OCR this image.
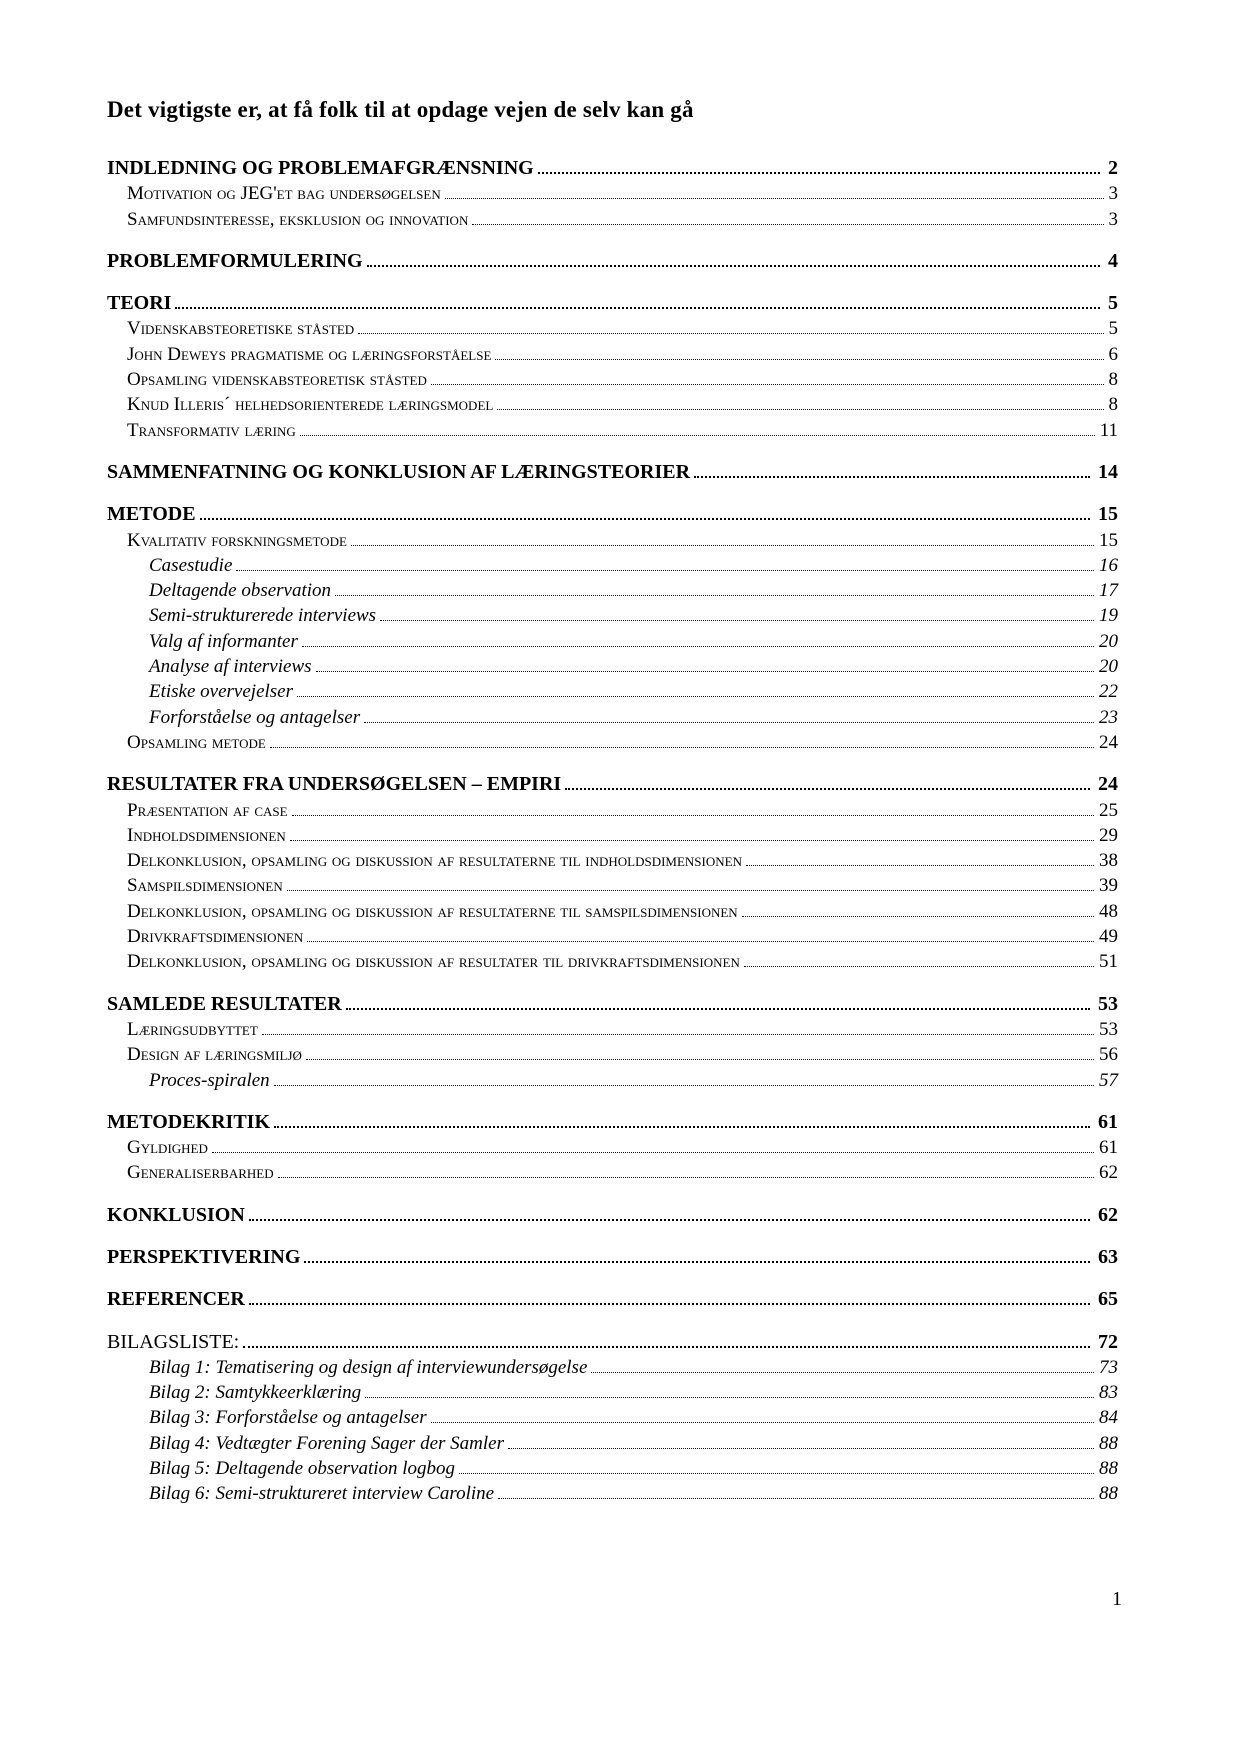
Det vigtigste er, at få folk til at opdage vejen de selv kan gå
INDLEDNING OG PROBLEMAFGRÆNSNING	2
Motivation og JEG'et bag undersøgelsen	3
Samfundsinteresse, eksklusion og innovation	3
PROBLEMFORMULERING	4
TEORI	5
Videnskabsteoretiske ståsted	5
John Deweys pragmatisme og læringsforståelse	6
Opsamling videnskabsteoretisk ståsted	8
Knud Illeris´ helhedsorienterede læringsmodel	8
Transformativ læring	11
SAMMENFATNING OG KONKLUSION AF LÆRINGSTEORIER	14
METODE	15
Kvalitativ forskningsmetode	15
Casestudie	16
Deltagende observation	17
Semi-strukturerede interviews	19
Valg af informanter	20
Analyse af interviews	20
Etiske overvejelser	22
Forforståelse og antagelser	23
Opsamling metode	24
RESULTATER FRA UNDERSØGELSEN – EMPIRI	24
Præsentation af case	25
Indholdsdimensionen	29
Delkonklusion, opsamling og diskussion af resultaterne til indholdsdimensionen	38
Samspilsdimensionen	39
Delkonklusion, opsamling og diskussion af resultaterne til samspilsdimensionen	48
Drivkraftsdimensionen	49
Delkonklusion, opsamling og diskussion af resultater til drivkraftsdimensionen	51
SAMLEDE RESULTATER	53
Læringsudbyttet	53
Design af læringsmiljø	56
Proces-spiralen	57
METODEKRITIK	61
Gyldighed	61
Generaliserbarhed	62
KONKLUSION	62
PERSPEKTIVERING	63
REFERENCER	65
BILAGSLISTE:	72
Bilag 1: Tematisering og design af interviewundersøgelse	73
Bilag 2: Samtykkeerklæring	83
Bilag 3: Forforståelse og antagelser	84
Bilag 4: Vedtægter Forening Sager der Samler	88
Bilag 5: Deltagende observation logbog	88
Bilag 6: Semi-struktureret interview Caroline	88
1
